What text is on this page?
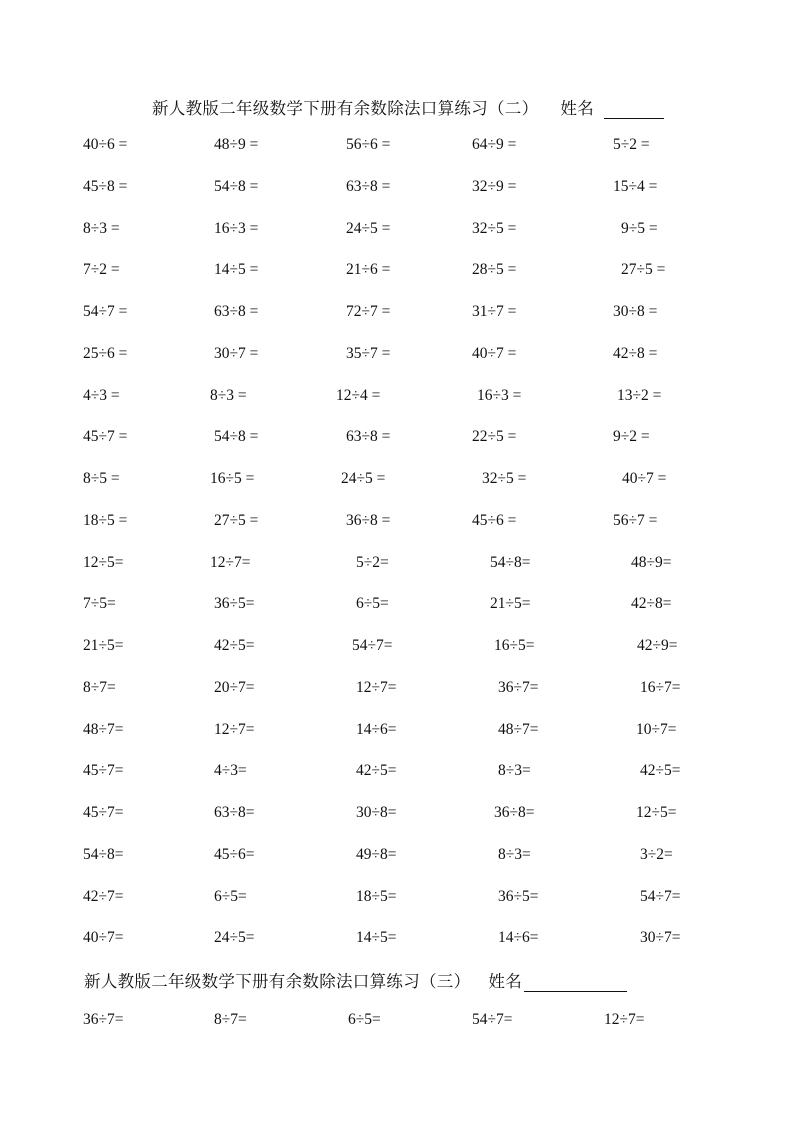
新人教版二年级数学下册有余数除法口算练习（二） 姓名
40÷6 =	48÷9 =	56÷6 =	64÷9 =	5÷2 =
45÷8 =	54÷8 =	63÷8 =	32÷9 =	15÷4 =
8÷3 =	16÷3 =	24÷5 =	32÷5 =	9÷5 =
7÷2 =	14÷5 =	21÷6 =	28÷5 =	27÷5 =
54÷7 =	63÷8 =	72÷7 =	31÷7 =	30÷8 =
25÷6 =	30÷7 =	35÷7 =	40÷7 =	42÷8 =
4÷3 =	8÷3 =	12÷4 =	16÷3 =	13÷2 =
45÷7 =	54÷8 =	63÷8 =	22÷5 =	9÷2 =
8÷5 =	16÷5 =	24÷5 =	32÷5 =	40÷7 =
18÷5 =	27÷5 =	36÷8 =	45÷6 =	56÷7 =
12÷5=	12÷7=	5÷2=	54÷8=	48÷9=
7÷5=	36÷5=	6÷5=	21÷5=	42÷8=
21÷5=	42÷5=	54÷7=	16÷5=	42÷9=
8÷7=	20÷7=	12÷7=	36÷7=	16÷7=
48÷7=	12÷7=	14÷6=	48÷7=	10÷7=
45÷7=	4÷3=	42÷5=	8÷3=	42÷5=
45÷7=	63÷8=	30÷8=	36÷8=	12÷5=
54÷8=	45÷6=	49÷8=	8÷3=	3÷2=
42÷7=	6÷5=	18÷5=	36÷5=	54÷7=
40÷7=	24÷5=	14÷5=	14÷6=	30÷7=
新人教版二年级数学下册有余数除法口算练习（三） 姓名
36÷7=	8÷7=	6÷5=	54÷7=	12÷7=
